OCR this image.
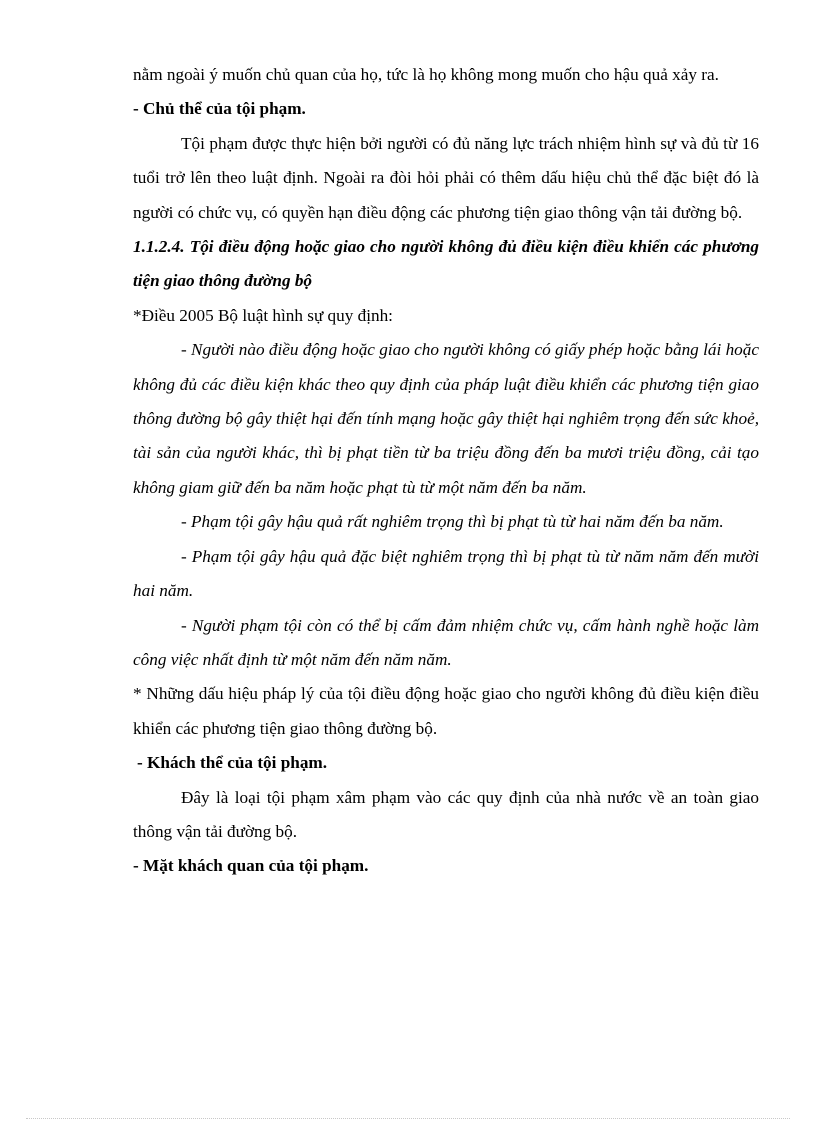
nằm ngoài ý muốn chủ quan của họ, tức là họ không mong muốn cho hậu quả xảy ra.

- Chủ thể của tội phạm.

Tội phạm được thực hiện bởi người có đủ năng lực trách nhiệm hình sự và đủ từ 16 tuổi trở lên theo luật định. Ngoài ra đòi hỏi phải có thêm dấu hiệu chủ thể đặc biệt đó là người có chức vụ, có quyền hạn điều động các phương tiện giao thông vận tải đường bộ.

1.1.2.4. Tội điều động hoặc giao cho người không đủ điều kiện điều khiển các phương tiện giao thông đường bộ

*Điều 2005 Bộ luật hình sự quy định:

- Người nào điều động hoặc giao cho người không có giấy phép hoặc bằng lái hoặc không đủ các điều kiện khác theo quy định của pháp luật điều khiển các phương tiện giao thông đường bộ gây thiệt hại đến tính mạng hoặc gây thiệt hại nghiêm trọng đến sức khoẻ, tài sản của người khác, thì bị phạt tiền từ ba triệu đồng đến ba mươi triệu đồng, cải tạo không giam giữ đến ba năm hoặc phạt tù từ một năm đến ba năm.

- Phạm tội gây hậu quả rất nghiêm trọng thì bị phạt tù từ hai năm đến ba năm.

- Phạm tội gây hậu quả đặc biệt nghiêm trọng thì bị phạt tù từ năm năm đến mười hai năm.

- Người phạm tội còn có thể bị cấm đảm nhiệm chức vụ, cấm hành nghề hoặc làm công việc nhất định từ một năm đến năm năm.

* Những dấu hiệu pháp lý của tội điều động hoặc giao cho người không đủ điều kiện điều khiển các phương tiện giao thông đường bộ.

- Khách thể của tội phạm.

Đây là loại tội phạm xâm phạm vào các quy định của nhà nước về an toàn giao thông vận tải đường bộ.

- Mặt khách quan của tội phạm.
